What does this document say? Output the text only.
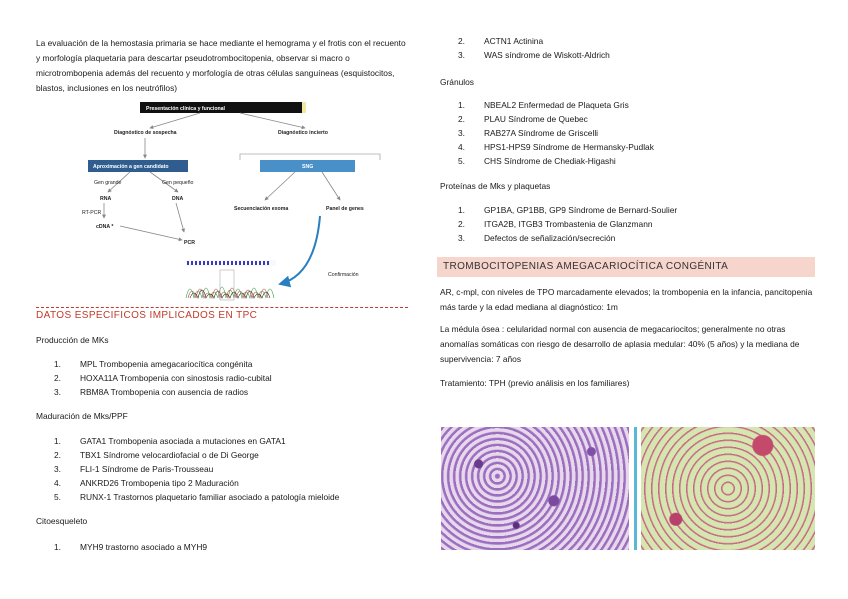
La evaluación de la hemostasia primaria se hace mediante el hemograma y el frotis con el recuento y morfología plaquetaria para descartar pseudotrombocitopenia, observar si macro o microtrombopenia además del recuento y morfología de otras células sanguíneas (esquistocitos, blastos, inclusiones en los neutrófilos)

Presentación clínica y funcional
Diagnóstico de sospecha	Diagnóstico incierto
Aproximación a gen candidato
Gen grande	Gen pequeño
RNA	DNA
RT-PCR
cDNA *
PCR
SNG
Secuenciación exoma	Panel de genes
Confirmación
DATOS ESPECIFICOS IMPLICADOS EN TPC
Producción de MKs
1.	MPL Trombopenia amegacariocítica congénita
2.	HOXA11A Trombopenia con sinostosis radio-cubital
3.	RBM8A Trombopenia con ausencia de radios
Maduración de Mks/PPF
1.	GATA1 Trombopenia asociada a mutaciones en GATA1
2.	TBX1 Síndrome velocardiofacial o de Di George
3.	FLI-1 Síndrome de Paris-Trousseau
4.	ANKRD26 Trombopenia tipo 2 Maduración
5.	RUNX-1 Trastornos plaquetario familiar asociado a patología mieloide
Citoesqueleto
1.	MYH9 trastorno asociado a MYH9
2.	ACTN1 Actinina
3.	WAS síndrome de Wiskott-Aldrich
Gránulos
1.	NBEAL2 Enfermedad de Plaqueta Gris
2.	PLAU Síndrome de Quebec
3.	RAB27A Síndrome de Griscelli
4.	HPS1-HPS9 Síndrome de Hermansky-Pudlak
5.	CHS Síndrome de Chediak-Higashi
Proteínas de Mks y plaquetas
1.	GP1BA, GP1BB, GP9 Síndrome de Bernard-Soulier
2.	ITGA2B, ITGB3 Trombastenia de Glanzmann
3.	Defectos de señalización/secreción
TROMBOCITOPENIAS AMEGACARIOCÍTICA CONGÉNITA

AR, c-mpl, con niveles de TPO marcadamente elevados; la trombopenia en la infancia, pancitopenia más tarde y la edad mediana al diagnóstico: 1m

La médula ósea : celularidad normal con ausencia de megacariocitos; generalmente no otras anomalías somáticas con riesgo de desarrollo de aplasia medular: 40% (5 años) y la mediana de supervivencia: 7 años

Tratamiento: TPH (previo análisis en los familiares)
